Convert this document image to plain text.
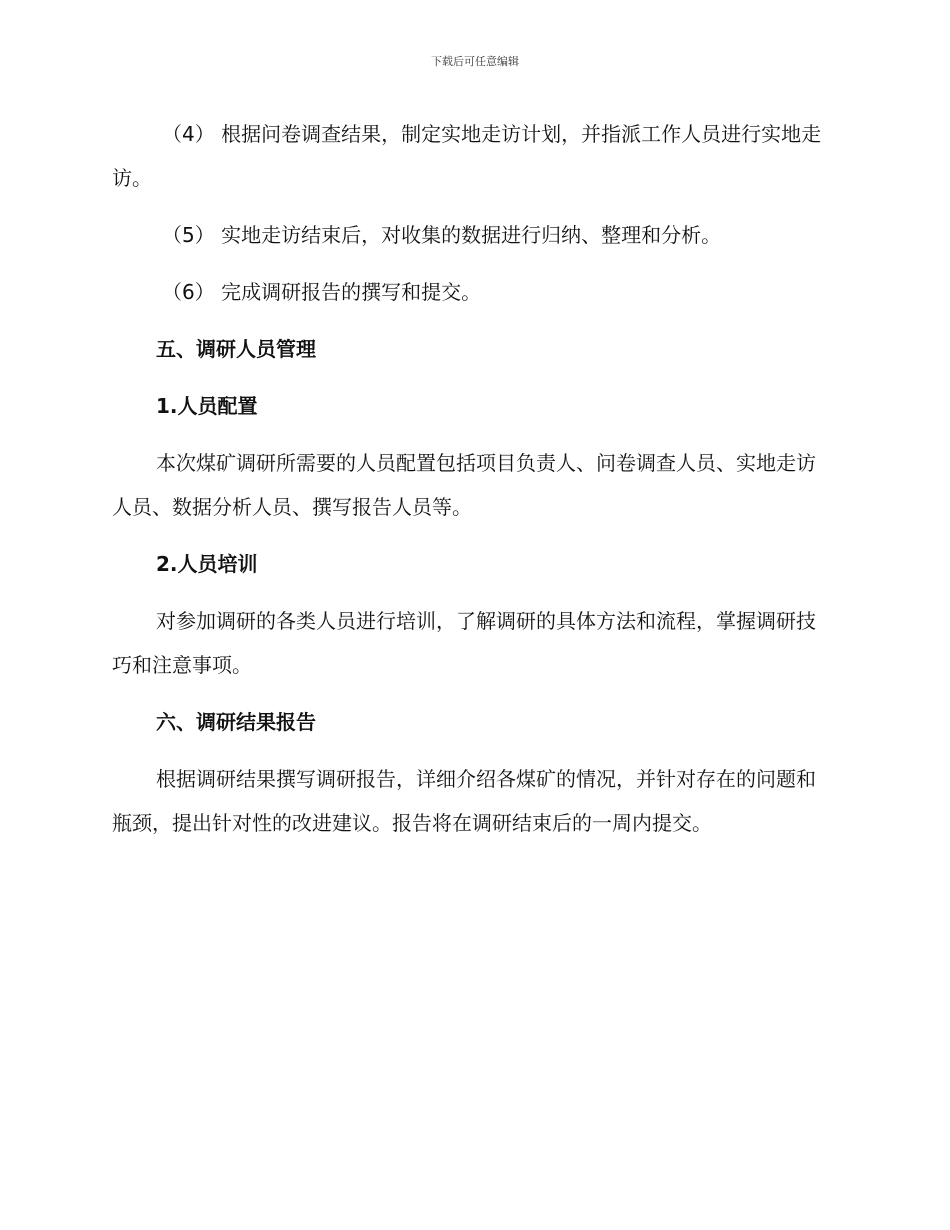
下载后可任意编辑

（4） 根据问卷调查结果，制定实地走访计划，并指派工作人员进行实地走访。

（5） 实地走访结束后，对收集的数据进行归纳、整理和分析。

（6） 完成调研报告的撰写和提交。

五、调研人员管理
1.人员配置

本次煤矿调研所需要的人员配置包括项目负责人、问卷调查人员、实地走访人员、数据分析人员、撰写报告人员等。

2.人员培训

对参加调研的各类人员进行培训，了解调研的具体方法和流程，掌握调研技巧和注意事项。

六、调研结果报告

根据调研结果撰写调研报告，详细介绍各煤矿的情况，并针对存在的问题和瓶颈，提出针对性的改进建议。报告将在调研结束后的一周内提交。
